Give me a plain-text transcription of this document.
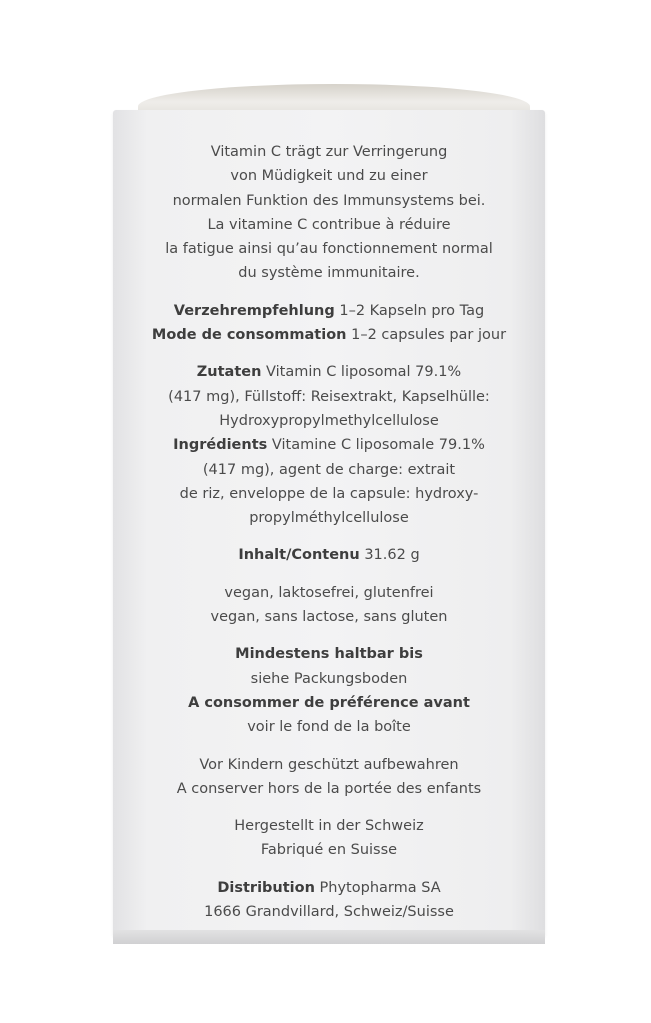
Vitamin C trägt zur Verringerung
von Müdigkeit und zu einer
normalen Funktion des Immunsystems bei.
La vitamine C contribue à réduire
la fatigue ainsi qu’au fonctionnement normal
du système immunitaire.
Verzehrempfehlung 1–2 Kapseln pro Tag
Mode de consommation 1–2 capsules par jour
Zutaten Vitamin C liposomal 79.1%
(417 mg), Füllstoff: Reisextrakt, Kapselhülle:
Hydroxypropylmethylcellulose
Ingrédients Vitamine C liposomale 79.1%
(417 mg), agent de charge: extrait
de riz, enveloppe de la capsule: hydroxy-
propylméthylcellulose
Inhalt/Contenu 31.62 g
vegan, laktosefrei, glutenfrei
vegan, sans lactose, sans gluten
Mindestens haltbar bis
siehe Packungsboden
A consommer de préférence avant
voir le fond de la boîte
Vor Kindern geschützt aufbewahren
A conserver hors de la portée des enfants
Hergestellt in der Schweiz
Fabriqué en Suisse
Distribution Phytopharma SA
1666 Grandvillard, Schweiz/Suisse
